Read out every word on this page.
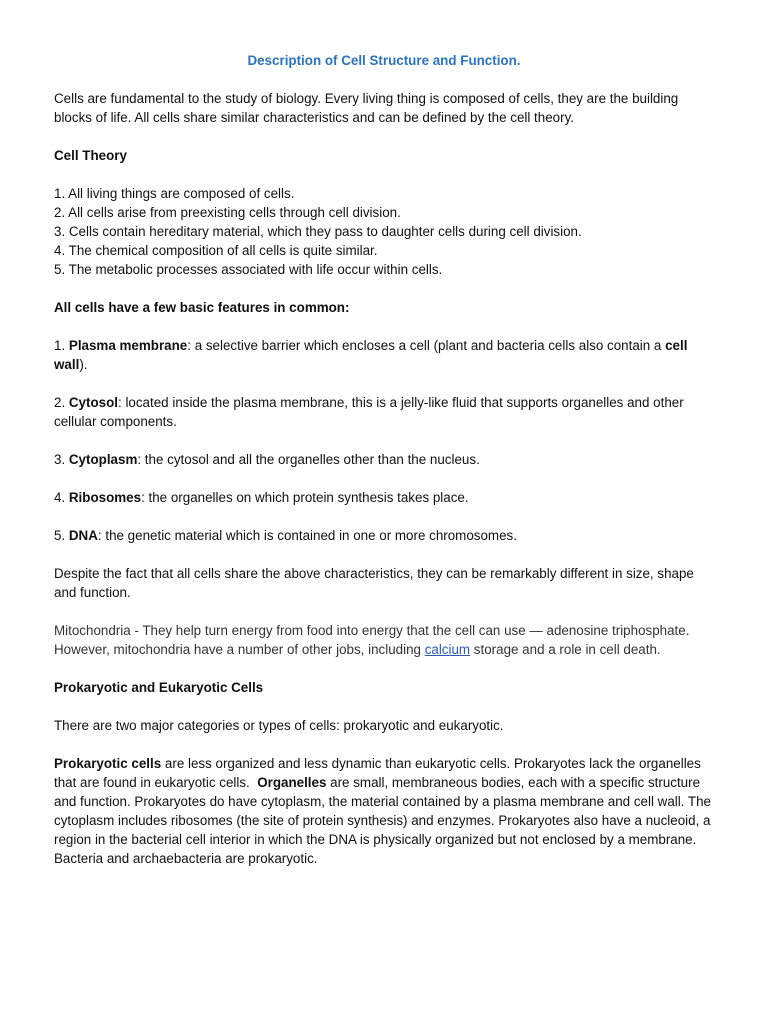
Description of Cell Structure and Function.

Cells are fundamental to the study of biology. Every living thing is composed of cells, they are the building blocks of life. All cells share similar characteristics and can be defined by the cell theory.

Cell Theory

1. All living things are composed of cells.

2. All cells arise from preexisting cells through cell division.

3. Cells contain hereditary material, which they pass to daughter cells during cell division.

4. The chemical composition of all cells is quite similar.

5. The metabolic processes associated with life occur within cells.

All cells have a few basic features in common:

1. Plasma membrane: a selective barrier which encloses a cell (plant and bacteria cells also contain a cell wall).

2. Cytosol: located inside the plasma membrane, this is a jelly-like fluid that supports organelles and other cellular components.

3. Cytoplasm: the cytosol and all the organelles other than the nucleus.

4. Ribosomes: the organelles on which protein synthesis takes place.

5. DNA: the genetic material which is contained in one or more chromosomes.

Despite the fact that all cells share the above characteristics, they can be remarkably different in size, shape and function.

Mitochondria - They help turn energy from food into energy that the cell can use — adenosine triphosphate. However, mitochondria have a number of other jobs, including calcium storage and a role in cell death.

Prokaryotic and Eukaryotic Cells

There are two major categories or types of cells: prokaryotic and eukaryotic.

Prokaryotic cells are less organized and less dynamic than eukaryotic cells. Prokaryotes lack the organelles that are found in eukaryotic cells.  Organelles are small, membraneous bodies, each with a specific structure and function. Prokaryotes do have cytoplasm, the material contained by a plasma membrane and cell wall. The cytoplasm includes ribosomes (the site of protein synthesis) and enzymes. Prokaryotes also have a nucleoid, a region in the bacterial cell interior in which the DNA is physically organized but not enclosed by a membrane. Bacteria and archaebacteria are prokaryotic.
